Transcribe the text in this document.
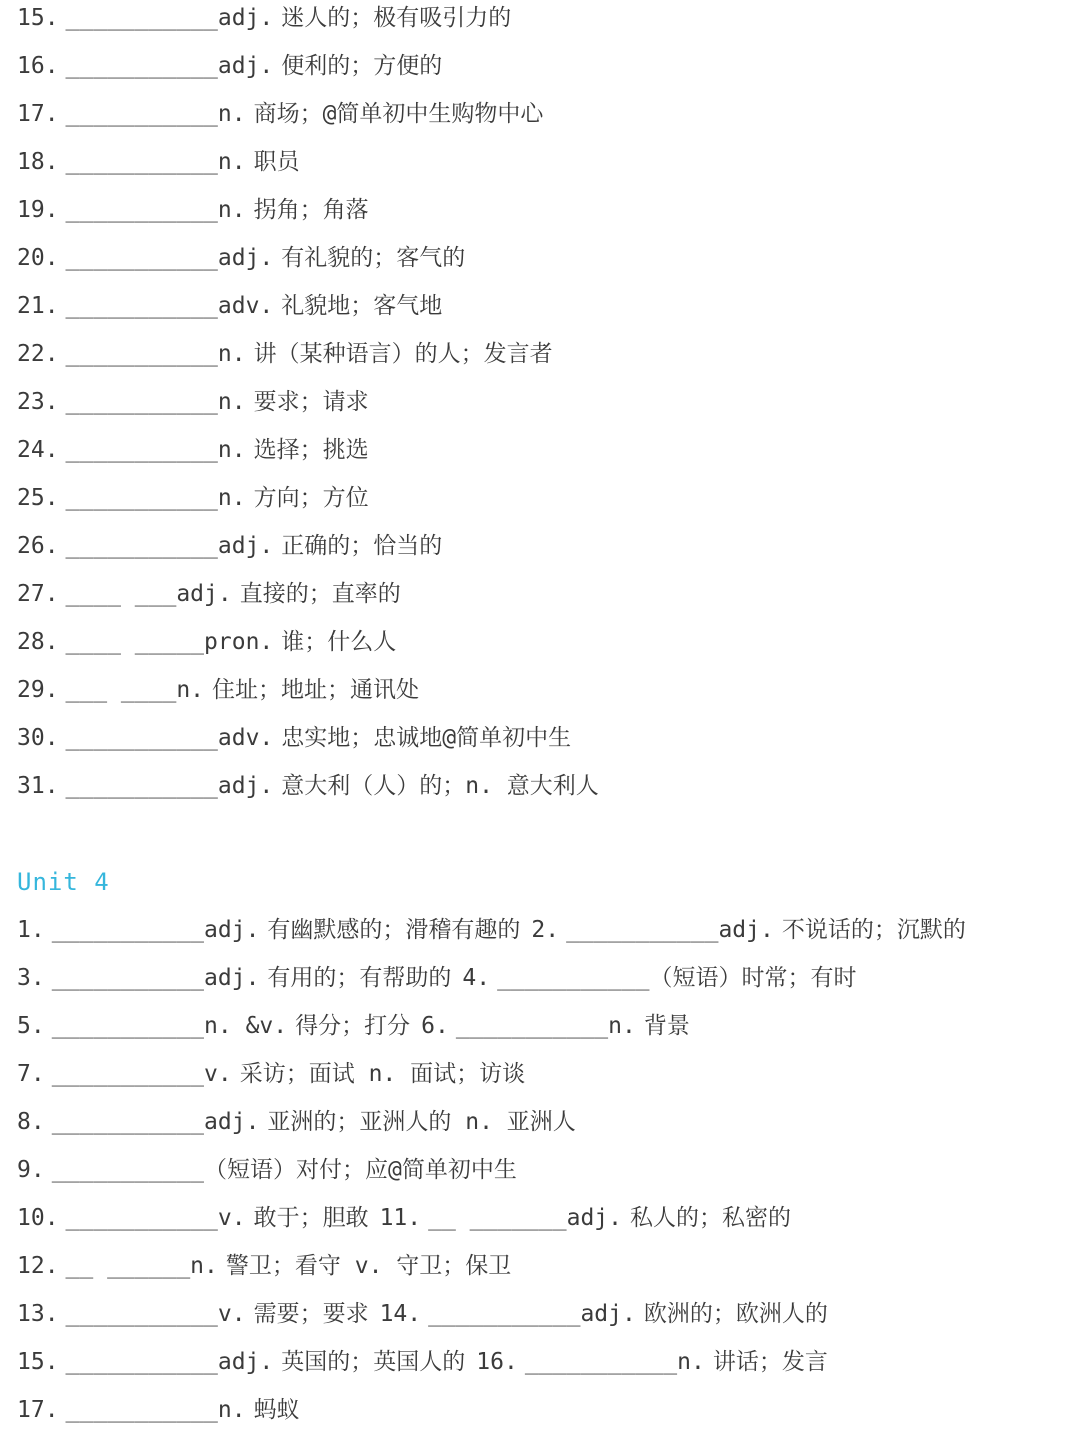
15. ___________adj. 迷人的；极有吸引力的
16. ___________adj. 便利的；方便的
17. ___________n. 商场；@简单初中生购物中心
18. ___________n. 职员
19. ___________n. 拐角；角落
20. ___________adj. 有礼貌的；客气的
21. ___________adv. 礼貌地；客气地
22. ___________n. 讲（某种语言）的人；发言者
23. ___________n. 要求；请求
24. ___________n. 选择；挑选
25. ___________n. 方向；方位
26. ___________adj. 正确的；恰当的
27. ____ ___adj. 直接的；直率的
28. ____ _____pron. 谁；什么人
29. ___ ____n. 住址；地址；通讯处
30. ___________adv. 忠实地；忠诚地@简单初中生
31. ___________adj. 意大利（人）的；n. 意大利人
Unit 4
1. ___________adj. 有幽默感的；滑稽有趣的 2. ___________adj. 不说话的；沉默的
3. ___________adj. 有用的；有帮助的 4. ___________（短语）时常；有时
5. ___________n. &v. 得分；打分 6. ___________n. 背景
7. ___________v. 采访；面试 n. 面试；访谈
8. ___________adj. 亚洲的；亚洲人的 n. 亚洲人
9. ___________（短语）对付；应@简单初中生
10. ___________v. 敢于；胆敢 11. __ _______adj. 私人的；私密的
12. __ ______n. 警卫；看守 v. 守卫；保卫
13. ___________v. 需要；要求 14. ___________adj. 欧洲的；欧洲人的
15. ___________adj. 英国的；英国人的 16. ___________n. 讲话；发言
17. ___________n. 蚂蚁
